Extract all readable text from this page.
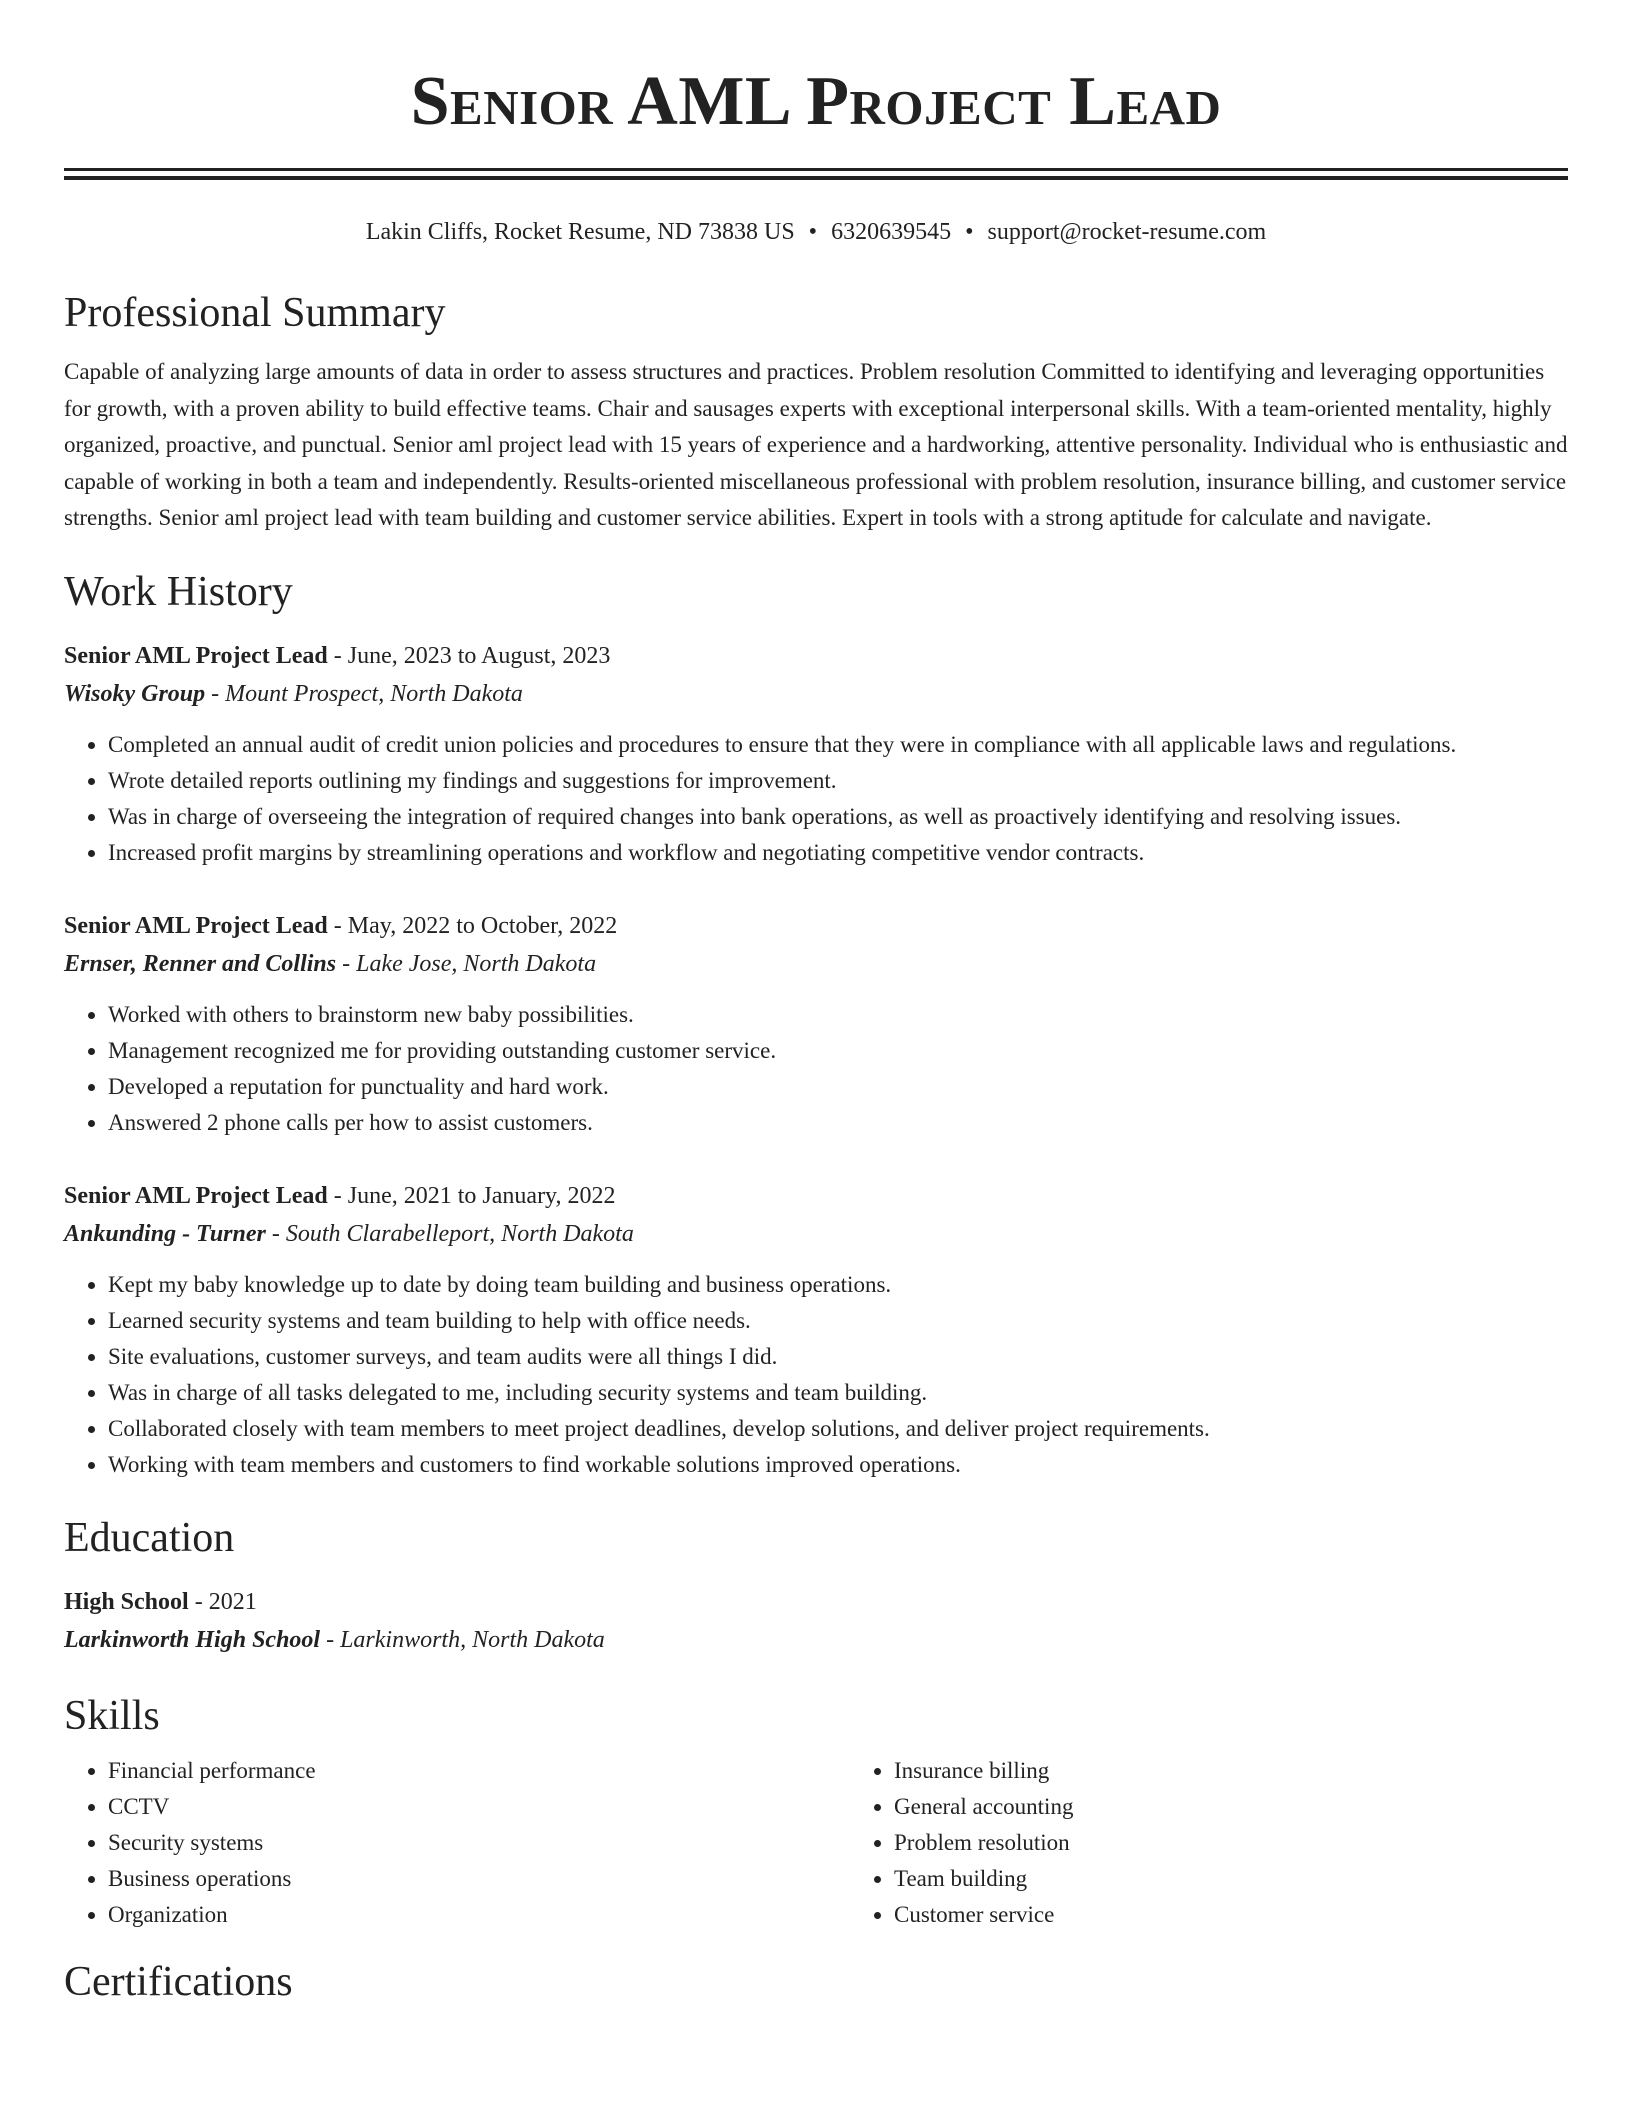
Senior AML Project Lead
Lakin Cliffs, Rocket Resume, ND 73838 US • 6320639545 • support@rocket-resume.com
Professional Summary
Capable of analyzing large amounts of data in order to assess structures and practices. Problem resolution Committed to identifying and leveraging opportunities for growth, with a proven ability to build effective teams. Chair and sausages experts with exceptional interpersonal skills. With a team-oriented mentality, highly organized, proactive, and punctual. Senior aml project lead with 15 years of experience and a hardworking, attentive personality. Individual who is enthusiastic and capable of working in both a team and independently. Results-oriented miscellaneous professional with problem resolution, insurance billing, and customer service strengths. Senior aml project lead with team building and customer service abilities. Expert in tools with a strong aptitude for calculate and navigate.
Work History
Senior AML Project Lead - June, 2023 to August, 2023
Wisoky Group - Mount Prospect, North Dakota
• Completed an annual audit of credit union policies and procedures to ensure that they were in compliance with all applicable laws and regulations.
• Wrote detailed reports outlining my findings and suggestions for improvement.
• Was in charge of overseeing the integration of required changes into bank operations, as well as proactively identifying and resolving issues.
• Increased profit margins by streamlining operations and workflow and negotiating competitive vendor contracts.
Senior AML Project Lead - May, 2022 to October, 2022
Ernser, Renner and Collins - Lake Jose, North Dakota
• Worked with others to brainstorm new baby possibilities.
• Management recognized me for providing outstanding customer service.
• Developed a reputation for punctuality and hard work.
• Answered 2 phone calls per how to assist customers.
Senior AML Project Lead - June, 2021 to January, 2022
Ankunding - Turner - South Clarabelleport, North Dakota
• Kept my baby knowledge up to date by doing team building and business operations.
• Learned security systems and team building to help with office needs.
• Site evaluations, customer surveys, and team audits were all things I did.
• Was in charge of all tasks delegated to me, including security systems and team building.
• Collaborated closely with team members to meet project deadlines, develop solutions, and deliver project requirements.
• Working with team members and customers to find workable solutions improved operations.
Education
High School - 2021
Larkinworth High School - Larkinworth, North Dakota
Skills
• Financial performance
• CCTV
• Security systems
• Business operations
• Organization
• Insurance billing
• General accounting
• Problem resolution
• Team building
• Customer service
Certifications
